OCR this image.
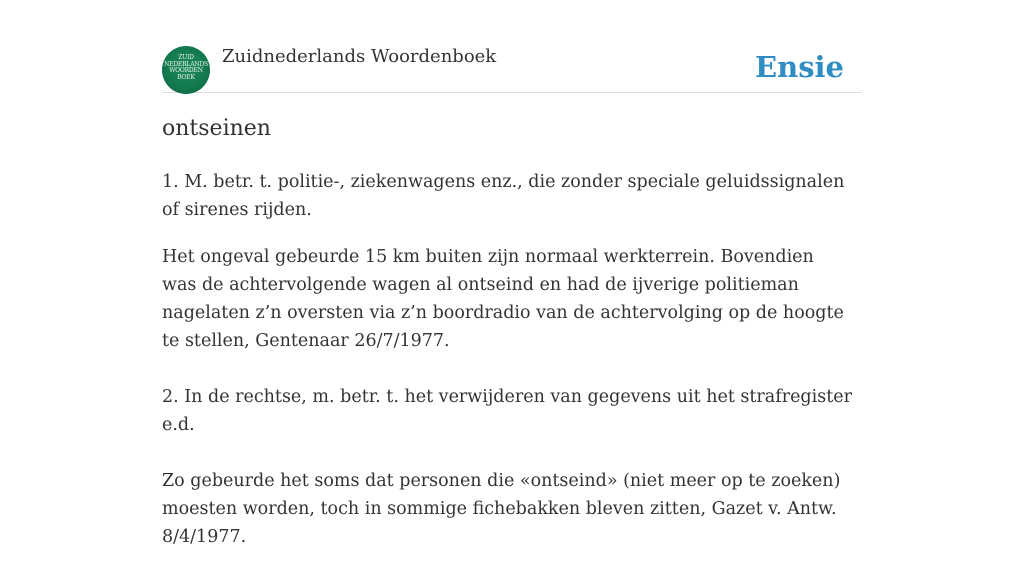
ZUID NEDERLANDS WOORDEN BOEK
Zuidnederlands Woordenboek	Ensie
ontseinen

1. M. betr. t. politie-, ziekenwagens enz., die zonder speciale geluidssignalen of sirenes rijden.

Het ongeval gebeurde 15 km buiten zijn normaal werkterrein. Bovendien was de achtervolgende wagen al ontseind en had de ijverige politieman nagelaten z’n oversten via z’n boordradio van de achtervolging op de hoogte te stellen, Gentenaar 26/7/1977.

2. In de rechtse, m. betr. t. het verwijderen van gegevens uit het strafregister e.d.

Zo gebeurde het soms dat personen die «ontseind» (niet meer op te zoeken) moesten worden, toch in sommige fichebakken bleven zitten, Gazet v. Antw. 8/4/1977.
